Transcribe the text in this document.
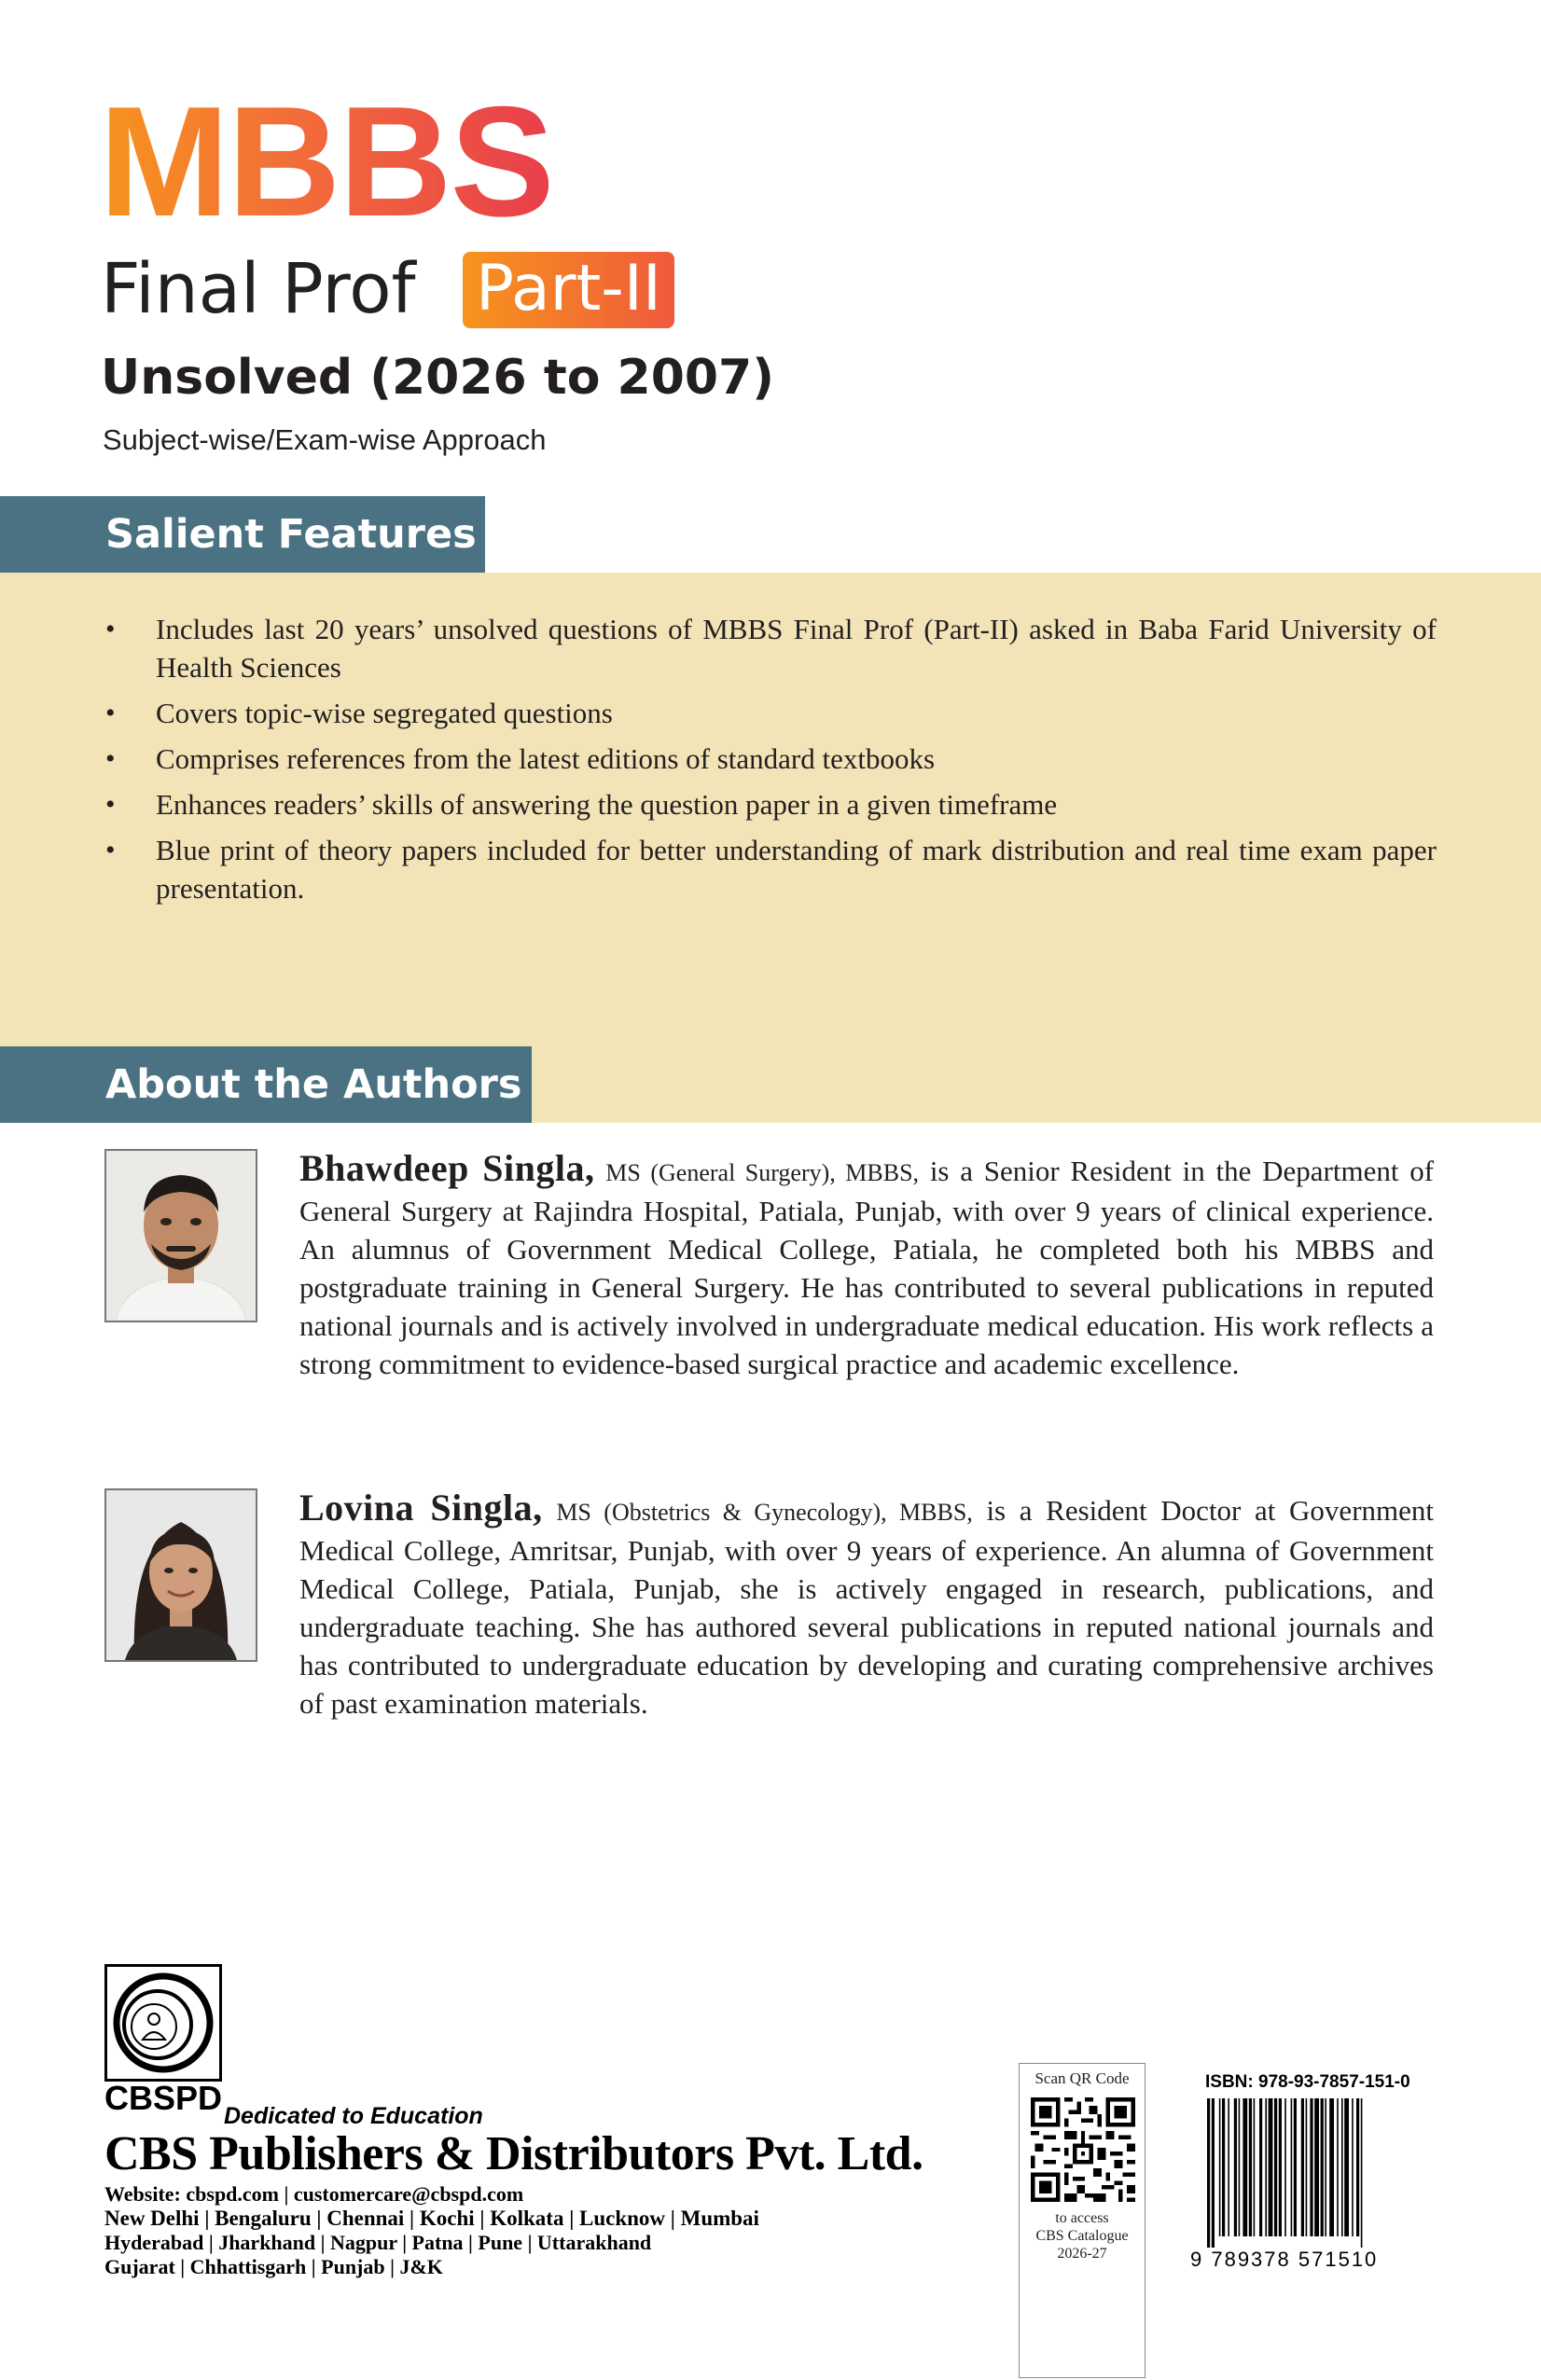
MBBS
Final Prof Part-II
Unsolved (2026 to 2007)
Subject-wise/Exam-wise Approach
Salient Features
• Includes last 20 years’ unsolved questions of MBBS Final Prof (Part-II) asked in Baba Farid University of Health Sciences
• Covers topic-wise segregated questions
• Comprises references from the latest editions of standard textbooks
• Enhances readers’ skills of answering the question paper in a given timeframe
• Blue print of theory papers included for better understanding of mark distribution and real time exam paper presentation.
About the Authors

Bhawdeep Singla, MS (General Surgery), MBBS, is a Senior Resident in the Department of General Surgery at Rajindra Hospital, Patiala, Punjab, with over 9 years of clinical experience. An alumnus of Government Medical College, Patiala, he completed both his MBBS and postgraduate training in General Surgery. He has contributed to several publications in reputed national journals and is actively involved in undergraduate medical education. His work reflects a strong commitment to evidence-based surgical practice and academic excellence.

Lovina Singla, MS (Obstetrics & Gynecology), MBBS, is a Resident Doctor at Government Medical College, Amritsar, Punjab, with over 9 years of experience. An alumna of Government Medical College, Patiala, Punjab, she is actively engaged in research, publications, and undergraduate teaching. She has authored several publications in reputed national journals and has contributed to undergraduate education by developing and curating comprehensive archives of past examination materials.

CBSPD Dedicated to Education
CBS Publishers & Distributors Pvt. Ltd.
Website: cbspd.com | customercare@cbspd.com
New Delhi | Bengaluru | Chennai | Kochi | Kolkata | Lucknow | Mumbai
Hyderabad | Jharkhand | Nagpur | Patna | Pune | Uttarakhand
Gujarat | Chhattisgarh | Punjab | J&K
Scan QR Code
to access
CBS Catalogue
2026-27
ISBN: 978-93-7857-151-0
9 789378 571510
